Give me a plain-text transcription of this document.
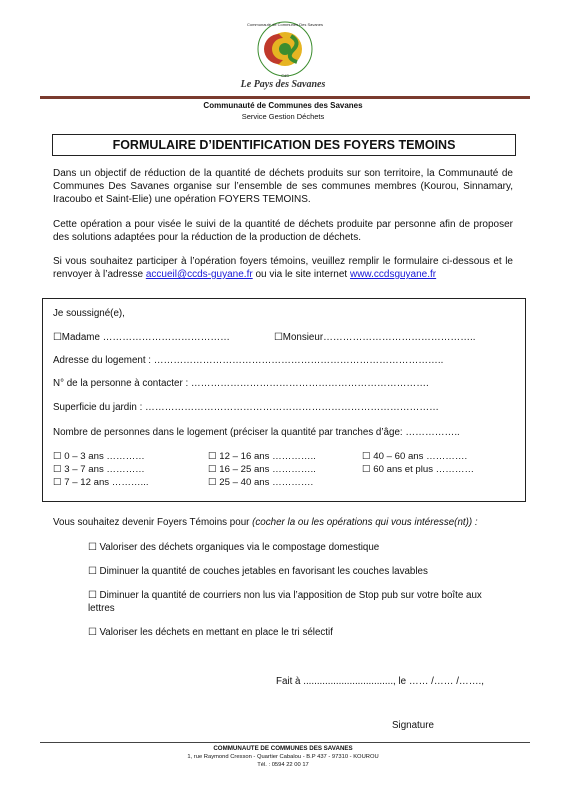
Communauté de Communes Des Savanes
CdS
Le Pays des Savanes
Communauté de Communes des Savanes
Service Gestion Déchets
FORMULAIRE D’IDENTIFICATION DES FOYERS TEMOINS

Dans un objectif de réduction de la quantité de déchets produits sur son territoire, la Communauté de Communes Des Savanes organise sur l’ensemble de ses communes membres (Kourou, Sinnamary, Iracoubo et Saint-Elie) une opération FOYERS TEMOINS.

Cette opération a pour visée le suivi de la quantité de déchets produite par personne afin de proposer des solutions adaptées pour la réduction de la production de déchets.

Si vous souhaitez participer à l’opération foyers témoins, veuillez remplir le formulaire ci-dessous et le renvoyer à l’adresse accueil@ccds-guyane.fr ou via le site internet www.ccdsguyane.fr

Je soussigné(e),
☐Madame …………………………………	☐Monsieur………………………………………..
Adresse du logement : ……………………………………………………………………………..
N° de la personne à contacter : ……………………………………………………………….
Superficie du jardin : ………………………………………………………………………………
Nombre de personnes dans le logement (préciser la quantité par tranches d’âge: ……………..
☐ 0 – 3 ans …………
☐ 3 – 7 ans …………
☐ 7 – 12 ans ………...
☐ 12 – 16 ans …………..
☐ 16 – 25 ans …………..
☐ 25 – 40 ans ………….
☐ 40 – 60 ans ………….
☐ 60 ans et plus …………
Vous souhaitez devenir Foyers Témoins pour (cocher la ou les opérations qui vous intéresse(nt)) :
☐ Valoriser des déchets organiques via le compostage domestique
☐ Diminuer la quantité de couches jetables en favorisant les couches lavables
☐ Diminuer la quantité de courriers non lus via l’apposition de Stop pub sur votre boîte aux
lettres
☐ Valoriser les déchets en mettant en place le tri sélectif
Fait à ................................., le …… /…… /…….,
Signature
COMMUNAUTE DE COMMUNES DES SAVANES
1, rue Raymond Cresson - Quartier Cabalou - B.P 437 - 97310 - KOUROU
Tél. : 0594 22 00 17
